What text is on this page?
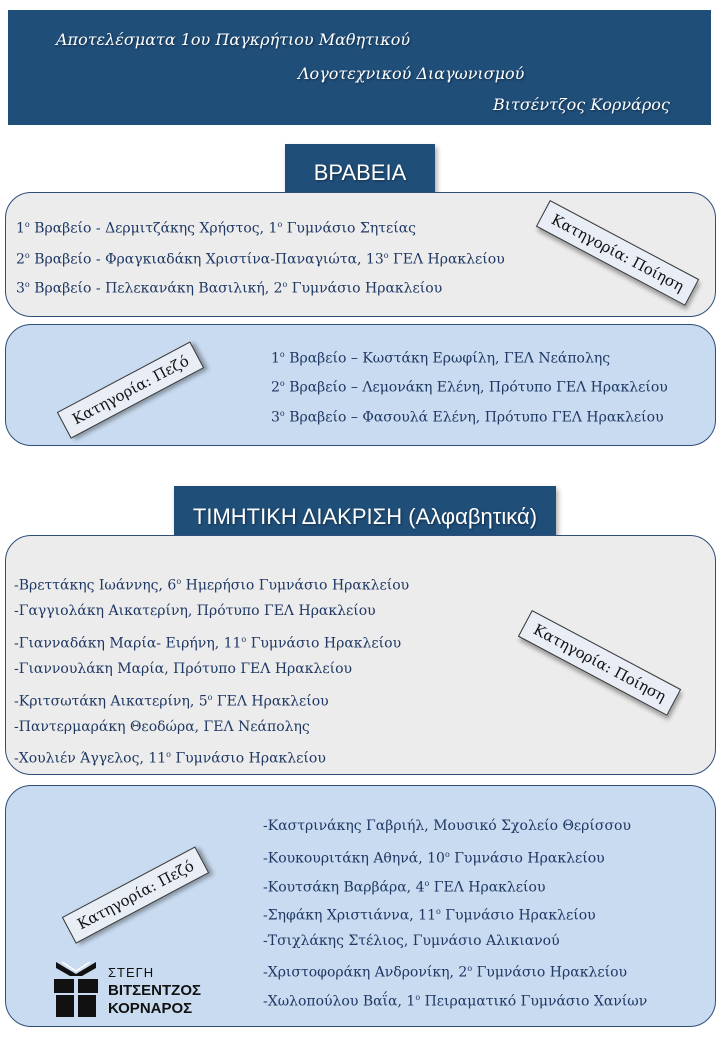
Αποτελέσματα 1ου Παγκρήτιου Μαθητικού
Λογοτεχνικού Διαγωνισμού
Βιτσέντζος Κορνάρος
ΒΡΑΒΕΙΑ
$1^o$ Βραβείο - Δερμιτζάκης Χρήστος, $1^o$ Γυμνάσιο Σητείας
$2^o$ Βραβείο - Φραγκιαδάκη Χριστίνα-Παναγιώτα, $13^o$ ΓΕΛ Ηρακλείου
$3^o$ Βραβείο - Πελεκανάκη Βασιλική, $2^o$ Γυμνάσιο Ηρακλείου	Κατηγορία: Ποίηση
$1^o$ Βραβείο – Κωστάκη Ερωφίλη, ΓΕΛ Νεάπολης
$2^o$ Βραβείο – Λεμονάκη Ελένη, Πρότυπο ΓΕΛ Ηρακλείου
$3^o$ Βραβείο – Φασουλά Ελένη, Πρότυπο ΓΕΛ Ηρακλείου
Κατηγορία: Πεζό
ΤΙΜΗΤΙΚΗ ΔΙΑΚΡΙΣΗ (Αλφαβητικά)
-Βρεττάκης Ιωάννης, $6^o$ Ημερήσιο Γυμνάσιο Ηρακλείου
-Γαγγιολάκη Αικατερίνη, Πρότυπο ΓΕΛ Ηρακλείου
-Γιανναδάκη Μαρία- Ειρήνη, $11^o$ Γυμνάσιο Ηρακλείου
-Γιαννουλάκη Μαρία, Πρότυπο ΓΕΛ Ηρακλείου
-Κριτσωτάκη Αικατερίνη, $5^o$ ΓΕΛ Ηρακλείου
-Παντερμαράκη Θεοδώρα, ΓΕΛ Νεάπολης
-Χουλιέν Άγγελος, $11^o$ Γυμνάσιο Ηρακλείου
Κατηγορία: Ποίηση
-Καστρινάκης Γαβριήλ, Μουσικό Σχολείο Θερίσσου
-Κουκουριτάκη Αθηνά, $10^o$ Γυμνάσιο Ηρακλείου
-Κουτσάκη Βαρβάρα, $4^o$ ΓΕΛ Ηρακλείου
-Σηφάκη Χριστιάννα, $11^o$ Γυμνάσιο Ηρακλείου
-Τσιχλάκης Στέλιος, Γυμνάσιο Αλικιανού
-Χριστοφοράκη Ανδρονίκη, $2^o$ Γυμνάσιο Ηρακλείου
-Χωλοπούλου Βαΐα, $1^o$ Πειραματικό Γυμνάσιο Χανίων
Κατηγορία: Πεζό
ΣΤΕΓΗ
ΒΙΤΣΕΝΤΖΟΣ
ΚΟΡΝΑΡΟΣ
